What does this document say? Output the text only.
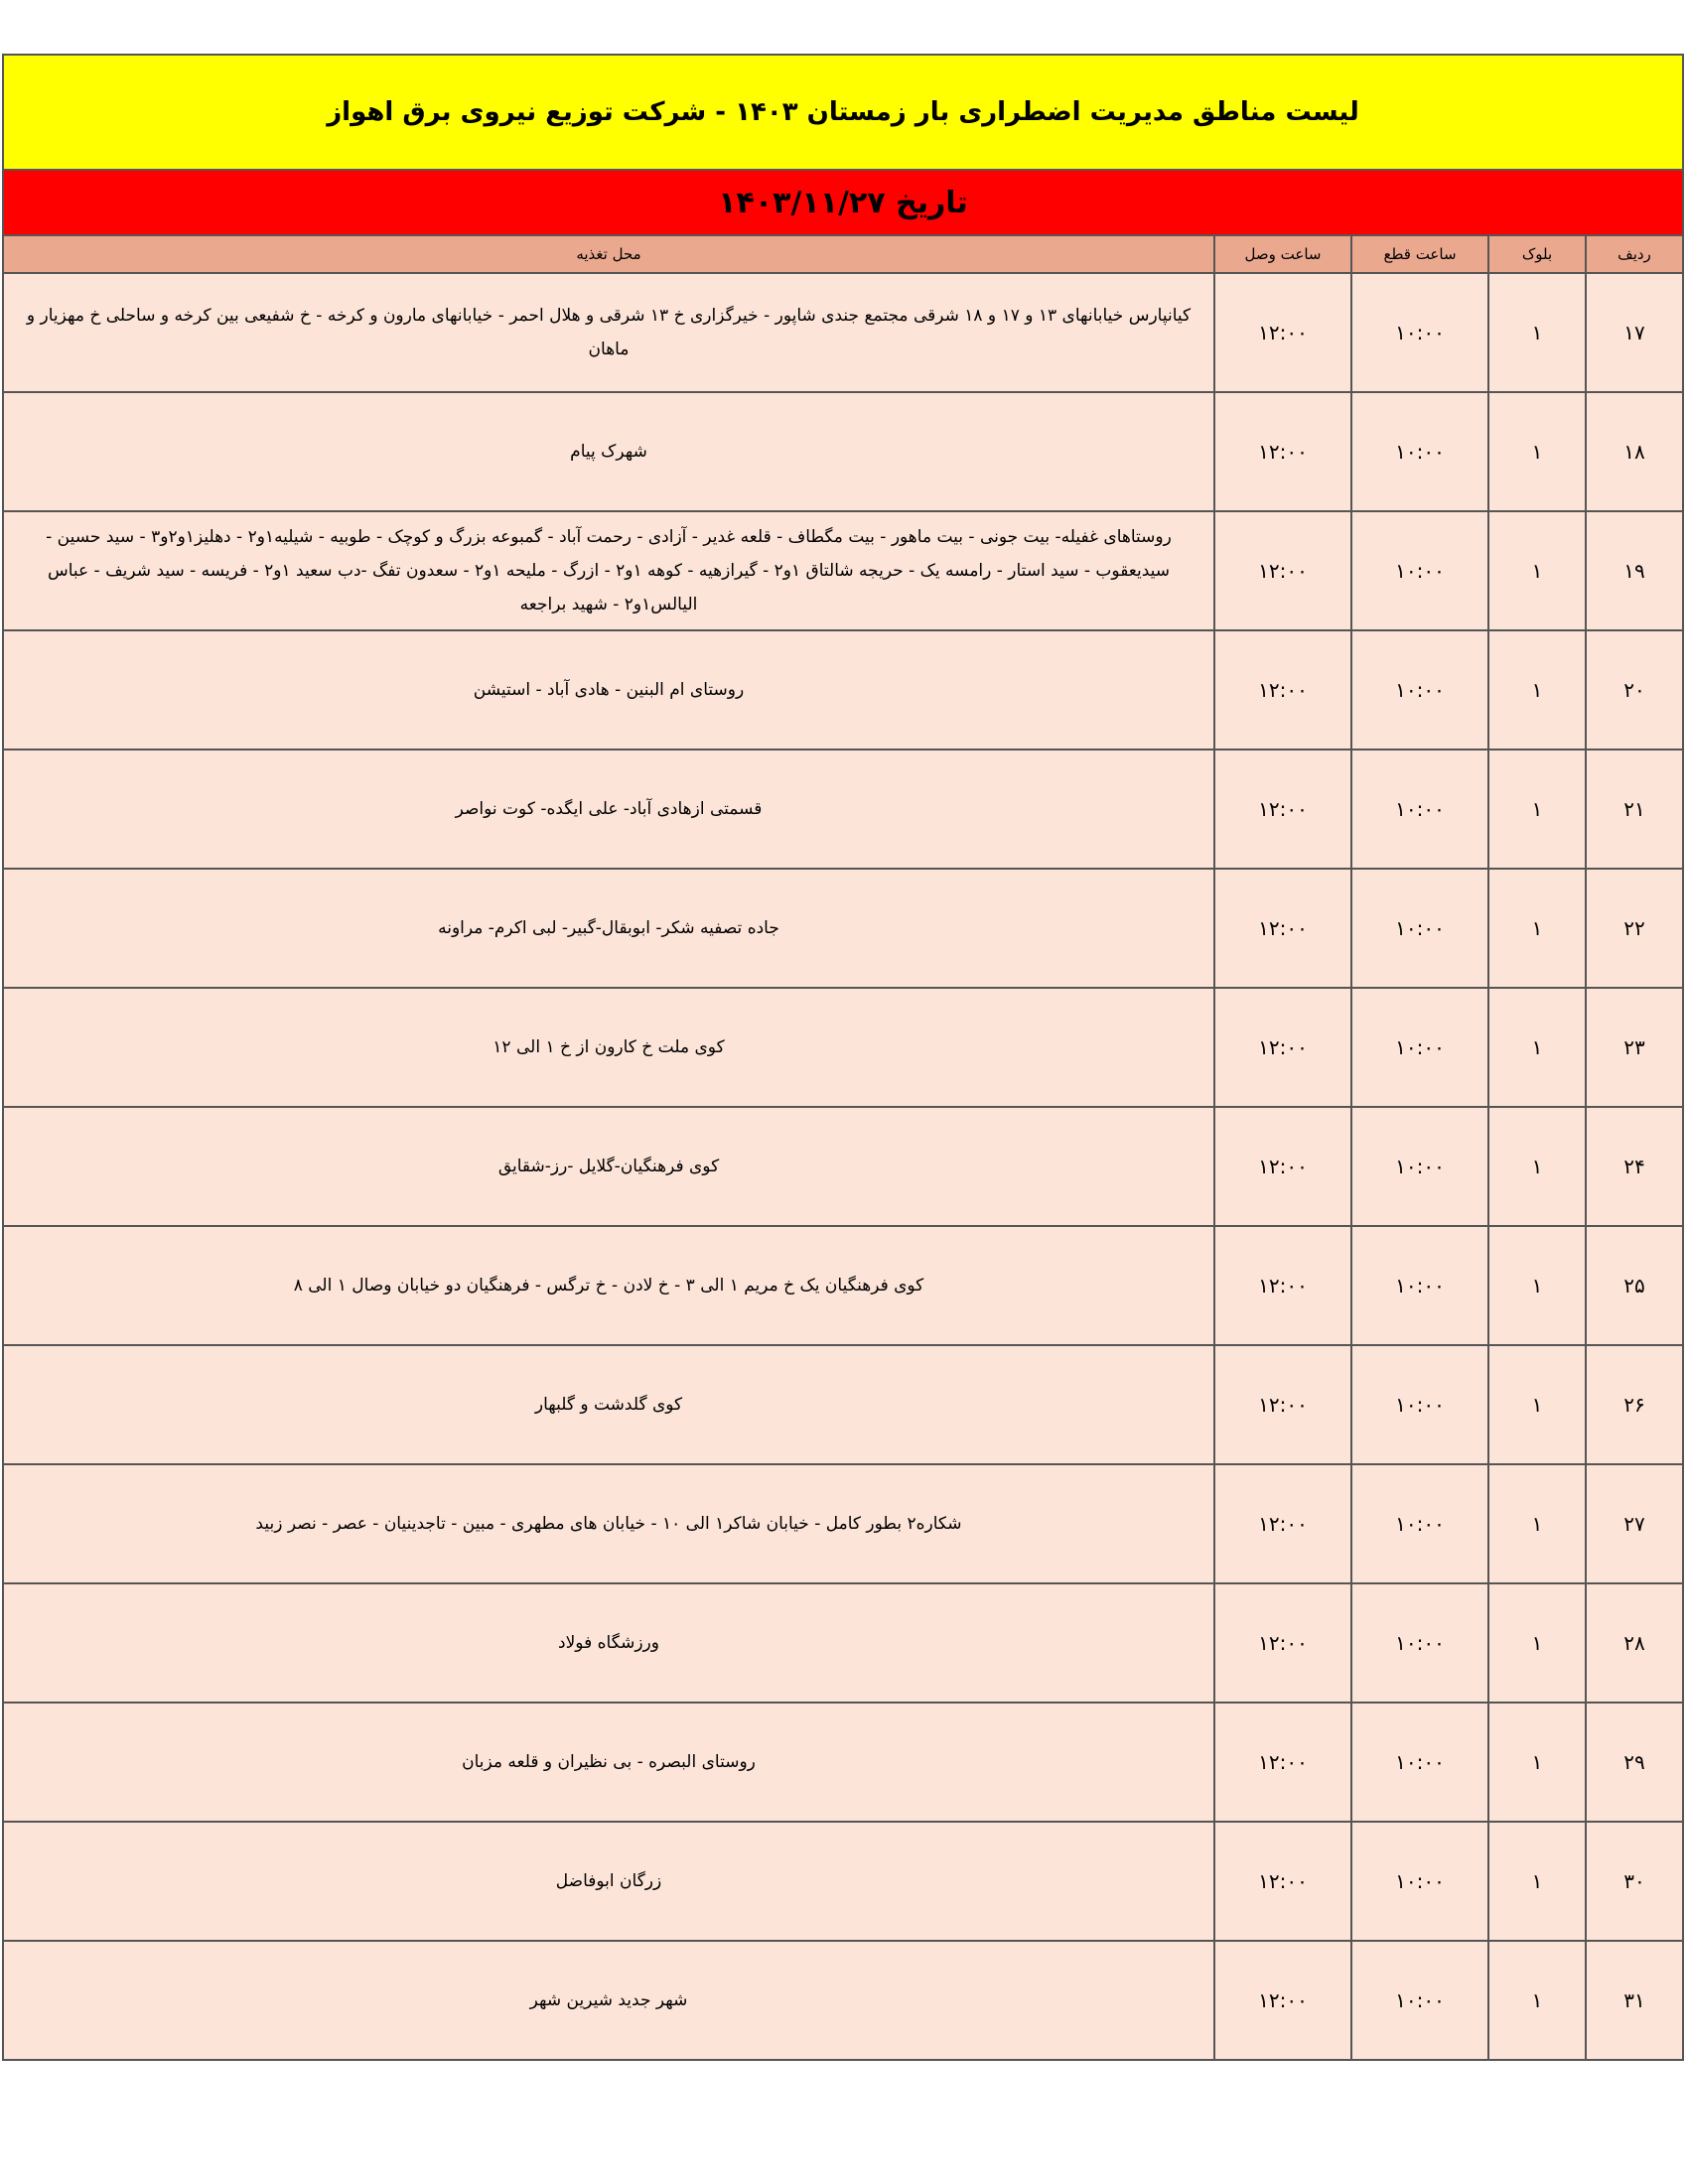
لیست مناطق مدیریت اضطراری بار زمستان ۱۴۰۳ - شرکت توزیع نیروی برق اهواز
تاریخ ۱۴۰۳/۱۱/۲۷
ردیف	بلوک	ساعت قطع	ساعت وصل	محل تغذیه
۱۷	۱	۱۰:۰۰	۱۲:۰۰	کیانپارس خیابانهای ۱۳ و ۱۷ و ۱۸ شرقی مجتمع جندی شاپور - خیرگزاری خ ۱۳ شرقی و هلال احمر - خیابانهای مارون و کرخه - خ شفیعی بین کرخه و ساحلی خ مهزیار و ماهان
۱۸	۱	۱۰:۰۰	۱۲:۰۰	شهرک پیام
۱۹	۱	۱۰:۰۰	۱۲:۰۰	روستاهای غفیله- بیت جونی - بیت ماهور - بیت مگطاف - قلعه غدیر - آزادی - رحمت آباد - گمبوعه بزرگ و کوچک - طوبیه - شیلیه۱و۲ - دهلیز۱و۲و۳ - سید حسین - سیدیعقوب - سید استار - رامسه یک - حریجه شالتاق ۱و۲ - گیرازهیه - کوهه ۱و۲ - ازرگ - ملیحه ۱و۲ - سعدون تفگ -دب سعید ۱و۲ - فریسه - سید شریف - عباس الیالس۱و۲ - شهید براجعه
۲۰	۱	۱۰:۰۰	۱۲:۰۰	روستای ام البنین - هادی آباد - استیشن
۲۱	۱	۱۰:۰۰	۱۲:۰۰	قسمتی ازهادی آباد- علی ایگده- کوت نواصر
۲۲	۱	۱۰:۰۰	۱۲:۰۰	جاده تصفیه شکر- ابوبقال-گبیر- لبی اکرم- مراونه
۲۳	۱	۱۰:۰۰	۱۲:۰۰	کوی ملت خ کارون از خ ۱ الی ۱۲
۲۴	۱	۱۰:۰۰	۱۲:۰۰	کوی فرهنگیان-گلایل -رز-شقایق
۲۵	۱	۱۰:۰۰	۱۲:۰۰	کوی فرهنگیان یک خ مریم ۱ الی ۳ - خ لادن - خ ترگس - فرهنگیان دو خیابان وصال ۱ الی ۸
۲۶	۱	۱۰:۰۰	۱۲:۰۰	کوی گلدشت و گلبهار
۲۷	۱	۱۰:۰۰	۱۲:۰۰	شکاره۲ بطور کامل - خیابان شاکر۱ الی ۱۰ - خیابان های مطهری - مبین - تاجدینیان - عصر - نصر زبید
۲۸	۱	۱۰:۰۰	۱۲:۰۰	ورزشگاه فولاد
۲۹	۱	۱۰:۰۰	۱۲:۰۰	روستای البصره - بی نظیران و قلعه مزبان
۳۰	۱	۱۰:۰۰	۱۲:۰۰	زرگان ابوفاضل
۳۱	۱	۱۰:۰۰	۱۲:۰۰	شهر جدید شیرین شهر
